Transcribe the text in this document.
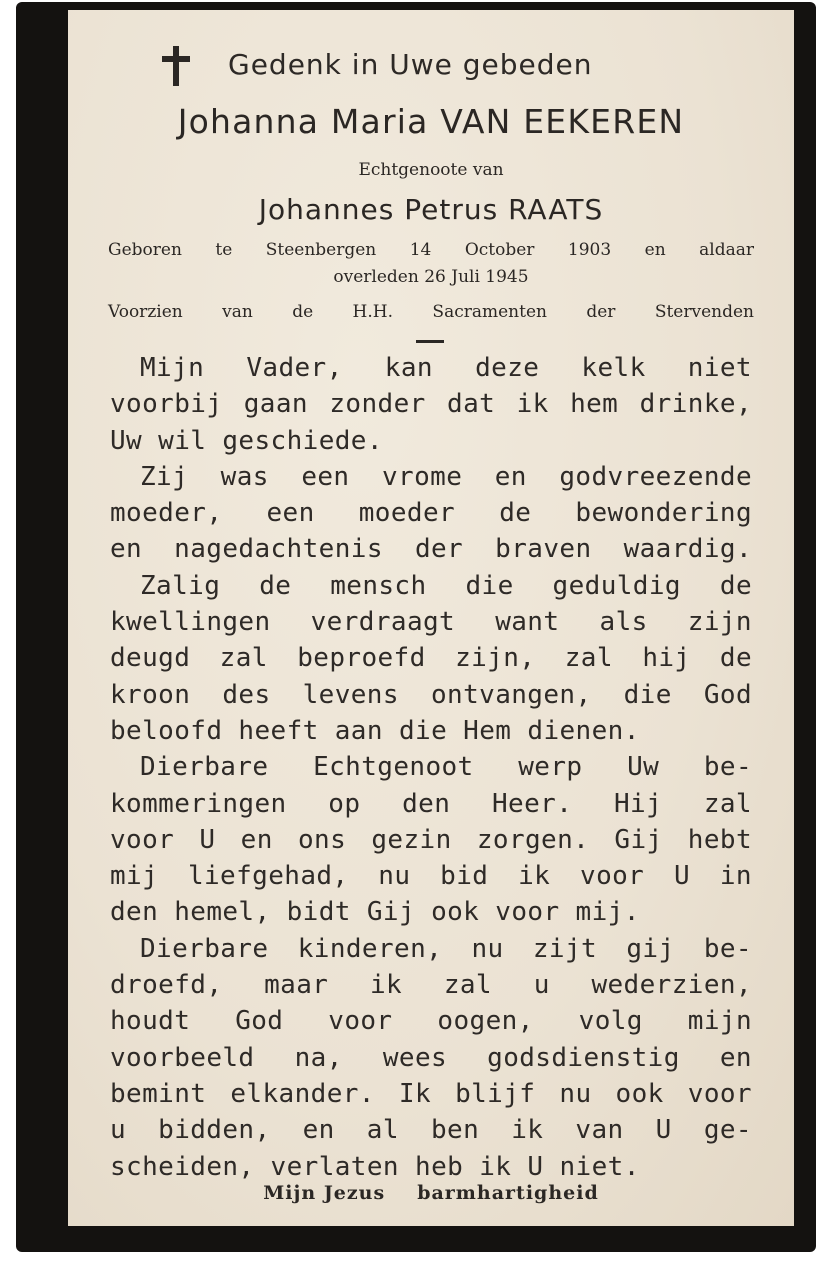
Gedenk in Uwe gebeden
Johanna Maria VAN EEKEREN
Echtgenoote van
Johannes Petrus RAATS
Geboren te Steenbergen 14 October 1903 en aldaar
overleden 26 Juli 1945
Voorzien van de H.H. Sacramenten der Stervenden
Mijn Vader, kan deze kelk niet
voorbij gaan zonder dat ik hem drinke,
Uw wil geschiede.
Zij was een vrome en godvreezende
moeder, een moeder de bewondering
en nagedachtenis der braven waardig.
Zalig de mensch die geduldig de
kwellingen verdraagt want als zijn
deugd zal beproefd zijn, zal hij de
kroon des levens ontvangen, die God
beloofd heeft aan die Hem dienen.
Dierbare Echtgenoot werp Uw be-
kommeringen op den Heer. Hij zal
voor U en ons gezin zorgen. Gij hebt
mij liefgehad, nu bid ik voor U in
den hemel, bidt Gij ook voor mij.
Dierbare kinderen, nu zijt gij be-
droefd, maar ik zal u wederzien,
houdt God voor oogen, volg mijn
voorbeeld na, wees godsdienstig en
bemint elkander. Ik blijf nu ook voor
u bidden, en al ben ik van U ge-
scheiden, verlaten heb ik U niet.
Mijn Jezus barmhartigheid
